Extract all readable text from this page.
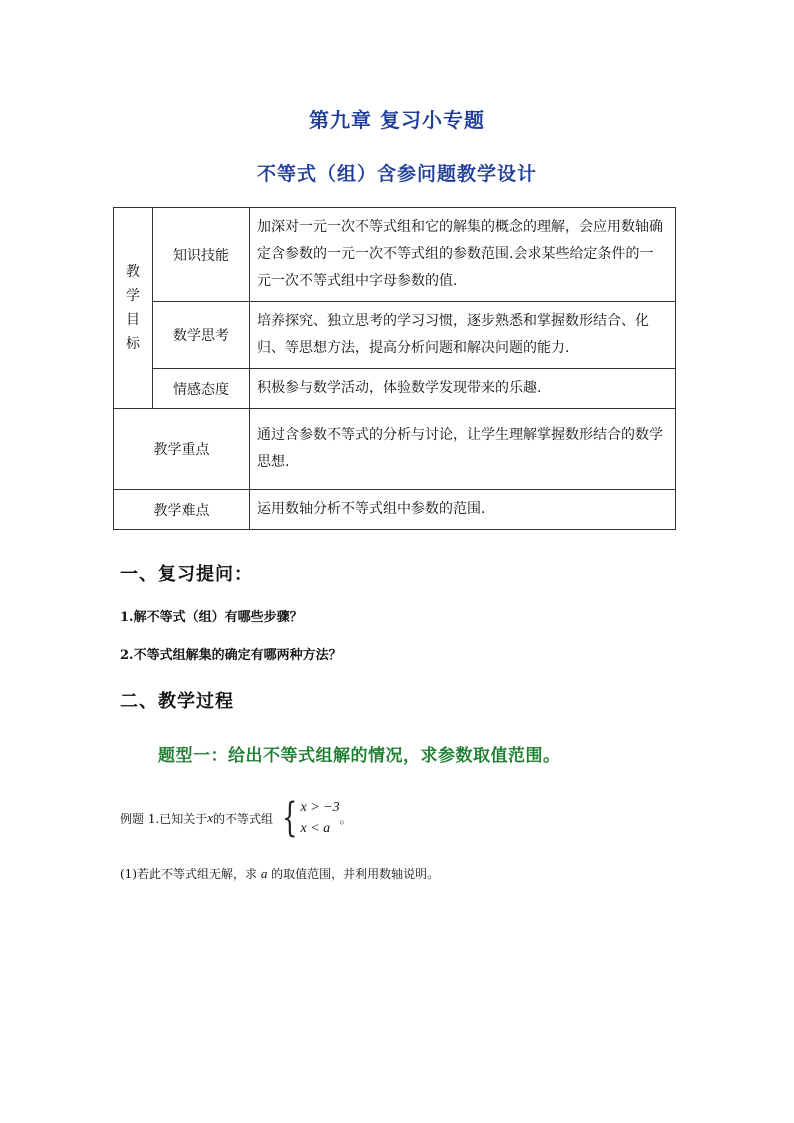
第九章 复习小专题
不等式（组）含参问题教学设计
教
学
目
标	知识技能	加深对一元一次不等式组和它的解集的概念的理解，会应用数轴确定含参数的一元一次不等式组的参数范围.会求某些给定条件的一元一次不等式组中字母参数的值.
	数学思考	培养探究、独立思考的学习习惯，逐步熟悉和掌握数形结合、化归、等思想方法，提高分析问题和解决问题的能力.
	情感态度	积极参与数学活动，体验数学发现带来的乐趣.
教学重点		通过含参数不等式的分析与讨论，让学生理解掌握数形结合的数学思想.
教学难点		运用数轴分析不等式组中参数的范围.
一、复习提问：
1.解不等式（组）有哪些步骤？
2.不等式组解集的确定有哪两种方法？
二、教学过程
题型一：给出不等式组解的情况，求参数取值范围。
例题 1.已知关于 x 的不等式组 { x > −3
x < a
。
(1)若此不等式组无解，求 a 的取值范围，并利用数轴说明。
